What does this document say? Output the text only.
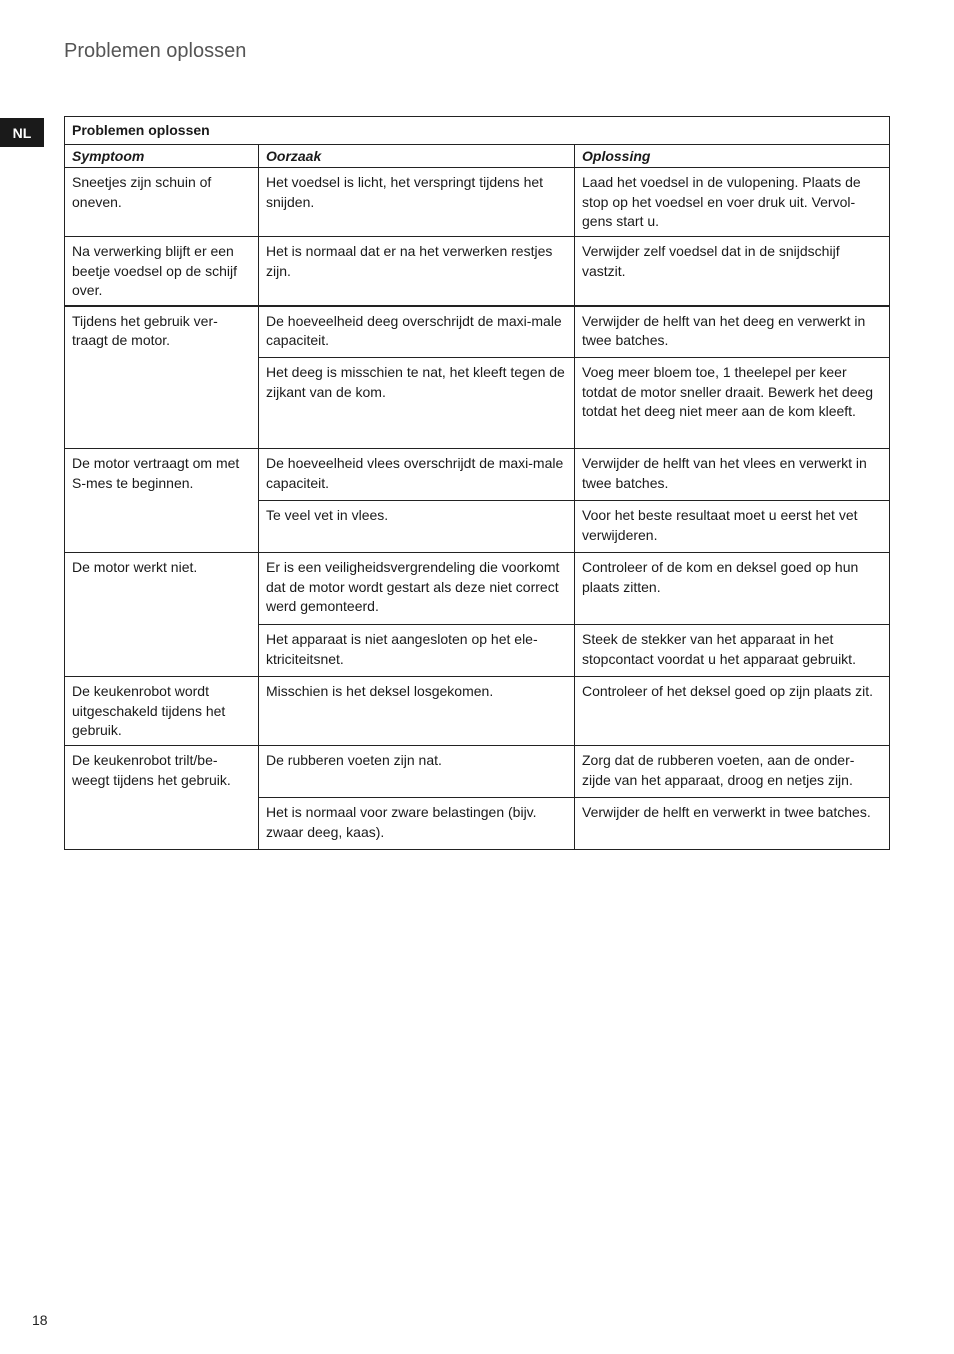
Problemen oplossen
NL	Problemen oplossen		
Symptoom	Oorzaak	Oplossing
Sneetjes zijn schuin of oneven.	Het voedsel is licht, het verspringt tijdens het snijden.	Laad het voedsel in de vulopening. Plaats de stop op het voedsel en voer druk uit. Vervol-gens start u.
Na verwerking blijft er een beetje voedsel op de schijf over.	Het is normaal dat er na het verwerken restjes zijn.	Verwijder zelf voedsel dat in de snijdschijf vastzit.
Tijdens het gebruik ver-traagt de motor.	De hoeveelheid deeg overschrijdt de maxi-male capaciteit.	Verwijder de helft van het deeg en verwerkt in twee batches.
	Het deeg is misschien te nat, het kleeft tegen de zijkant van de kom.	Voeg meer bloem toe, 1 theelepel per keer totdat de motor sneller draait. Bewerk het deeg totdat het deeg niet meer aan de kom kleeft.
De motor vertraagt om met S-mes te beginnen.	De hoeveelheid vlees overschrijdt de maxi-male capaciteit.	Verwijder de helft van het vlees en verwerkt in twee batches.
	Te veel vet in vlees.	Voor het beste resultaat moet u eerst het vet verwijderen.
De motor werkt niet.	Er is een veiligheidsvergrendeling die voorkomt dat de motor wordt gestart als deze niet correct werd gemonteerd.	Controleer of de kom en deksel goed op hun plaats zitten.
	Het apparaat is niet aangesloten op het ele-ktriciteitsnet.	Steek de stekker van het apparaat in het stopcontact voordat u het apparaat gebruikt.
De keukenrobot wordt uitgeschakeld tijdens het gebruik.	Misschien is het deksel losgekomen.	Controleer of het deksel goed op zijn plaats zit.
De keukenrobot trilt/be-weegt tijdens het gebruik.	De rubberen voeten zijn nat.	Zorg dat de rubberen voeten, aan de onder-zijde van het apparaat, droog en netjes zijn.
	Het is normaal voor zware belastingen (bijv. zwaar deeg, kaas).	Verwijder de helft en verwerkt in twee batches.
18
